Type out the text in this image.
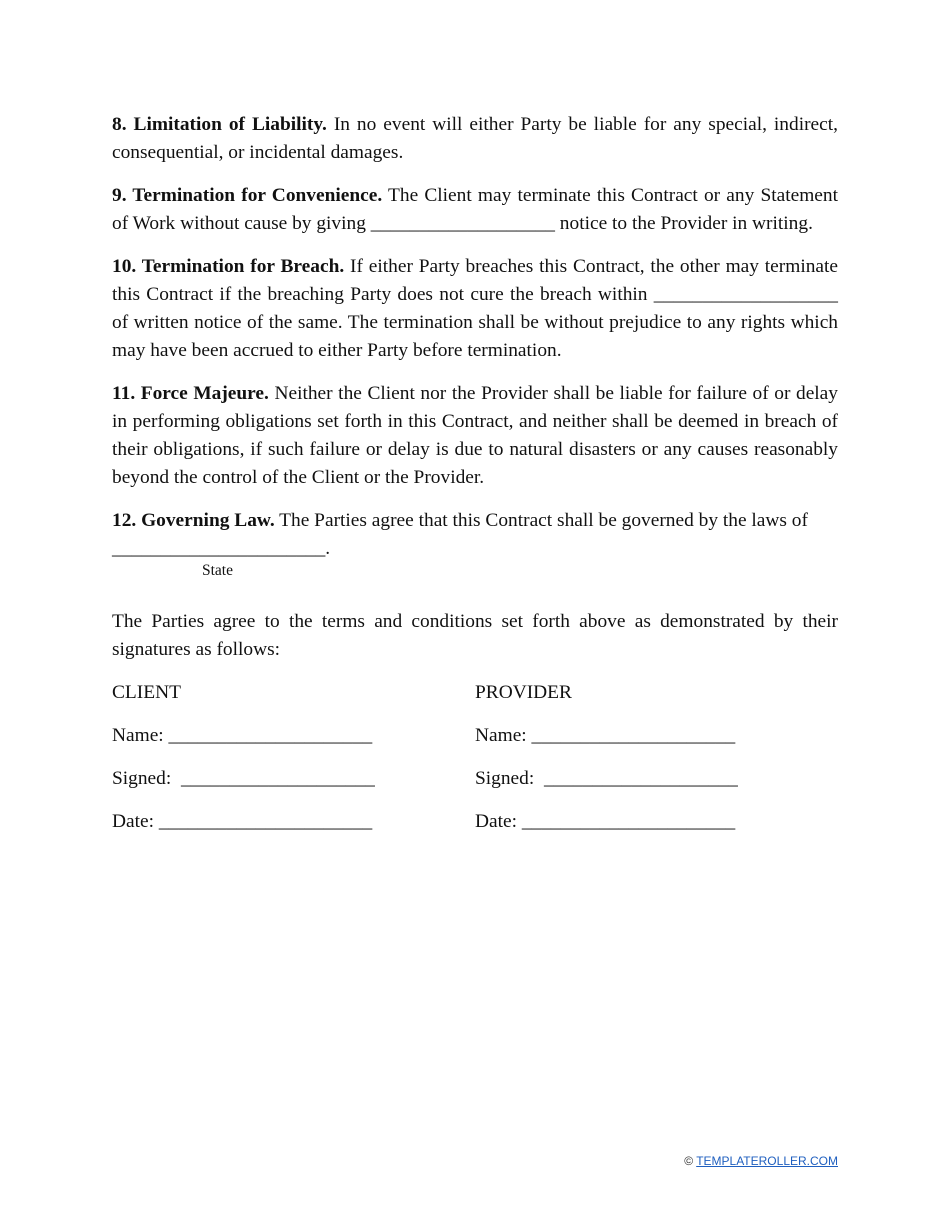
8. Limitation of Liability. In no event will either Party be liable for any special, indirect, consequential, or incidental damages.

9. Termination for Convenience. The Client may terminate this Contract or any Statement of Work without cause by giving ___________________ notice to the Provider in writing.

10. Termination for Breach. If either Party breaches this Contract, the other may terminate this Contract if the breaching Party does not cure the breach within ___________________ of written notice of the same. The termination shall be without prejudice to any rights which may have been accrued to either Party before termination.

11. Force Majeure. Neither the Client nor the Provider shall be liable for failure of or delay in performing obligations set forth in this Contract, and neither shall be deemed in breach of their obligations, if such failure or delay is due to natural disasters or any causes reasonably beyond the control of the Client or the Provider.

12. Governing Law. The Parties agree that this Contract shall be governed by the laws of

______________________.
State

The Parties agree to the terms and conditions set forth above as demonstrated by their signatures as follows:

CLIENT
Name: _____________________
Signed:  ____________________
Date: ______________________
PROVIDER
Name: _____________________
Signed:  ____________________
Date: ______________________
© TEMPLATEROLLER.COM
